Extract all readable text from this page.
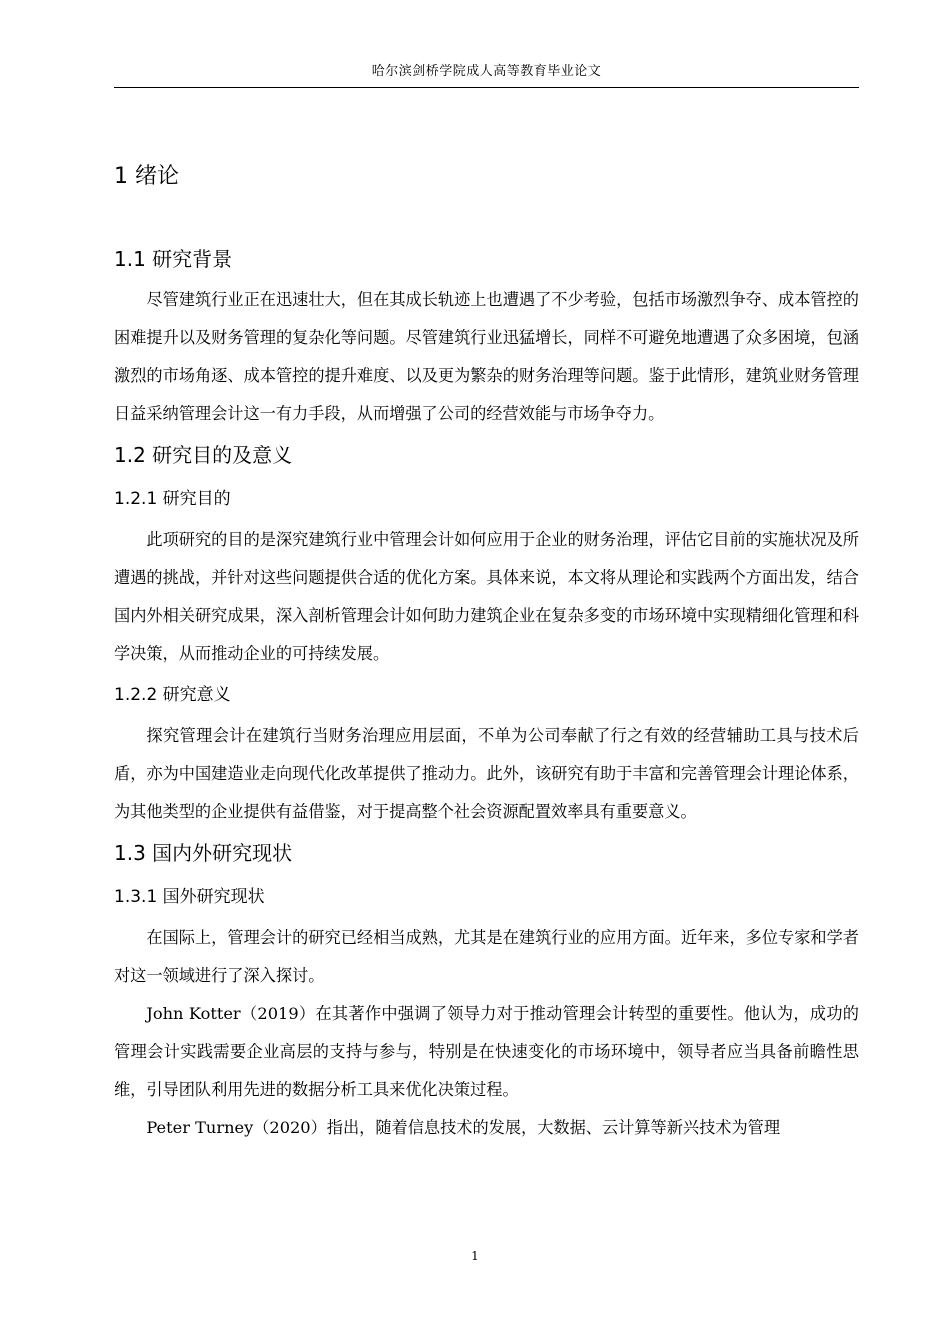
哈尔滨剑桥学院成人高等教育毕业论文
1 绪论
1.1 研究背景

尽管建筑行业正在迅速壮大，但在其成长轨迹上也遭遇了不少考验，包括市场激烈争夺、成本管控的困难提升以及财务管理的复杂化等问题。尽管建筑行业迅猛增长，同样不可避免地遭遇了众多困境，包涵激烈的市场角逐、成本管控的提升难度、以及更为繁杂的财务治理等问题。鉴于此情形，建筑业财务管理日益采纳管理会计这一有力手段，从而增强了公司的经营效能与市场争夺力。

1.2 研究目的及意义
1.2.1 研究目的

此项研究的目的是深究建筑行业中管理会计如何应用于企业的财务治理，评估它目前的实施状况及所遭遇的挑战，并针对这些问题提供合适的优化方案。具体来说，本文将从理论和实践两个方面出发，结合国内外相关研究成果，深入剖析管理会计如何助力建筑企业在复杂多变的市场环境中实现精细化管理和科学决策，从而推动企业的可持续发展。

1.2.2 研究意义

探究管理会计在建筑行当财务治理应用层面，不单为公司奉献了行之有效的经营辅助工具与技术后盾，亦为中国建造业走向现代化改革提供了推动力。此外，该研究有助于丰富和完善管理会计理论体系，为其他类型的企业提供有益借鉴，对于提高整个社会资源配置效率具有重要意义。

1.3 国内外研究现状
1.3.1 国外研究现状

在国际上，管理会计的研究已经相当成熟，尤其是在建筑行业的应用方面。近年来，多位专家和学者对这一领域进行了深入探讨。

John Kotter（2019）在其著作中强调了领导力对于推动管理会计转型的重要性。他认为，成功的管理会计实践需要企业高层的支持与参与，特别是在快速变化的市场环境中，领导者应当具备前瞻性思维，引导团队利用先进的数据分析工具来优化决策过程。

Peter Turney（2020）指出，随着信息技术的发展，大数据、云计算等新兴技术为管理

1
